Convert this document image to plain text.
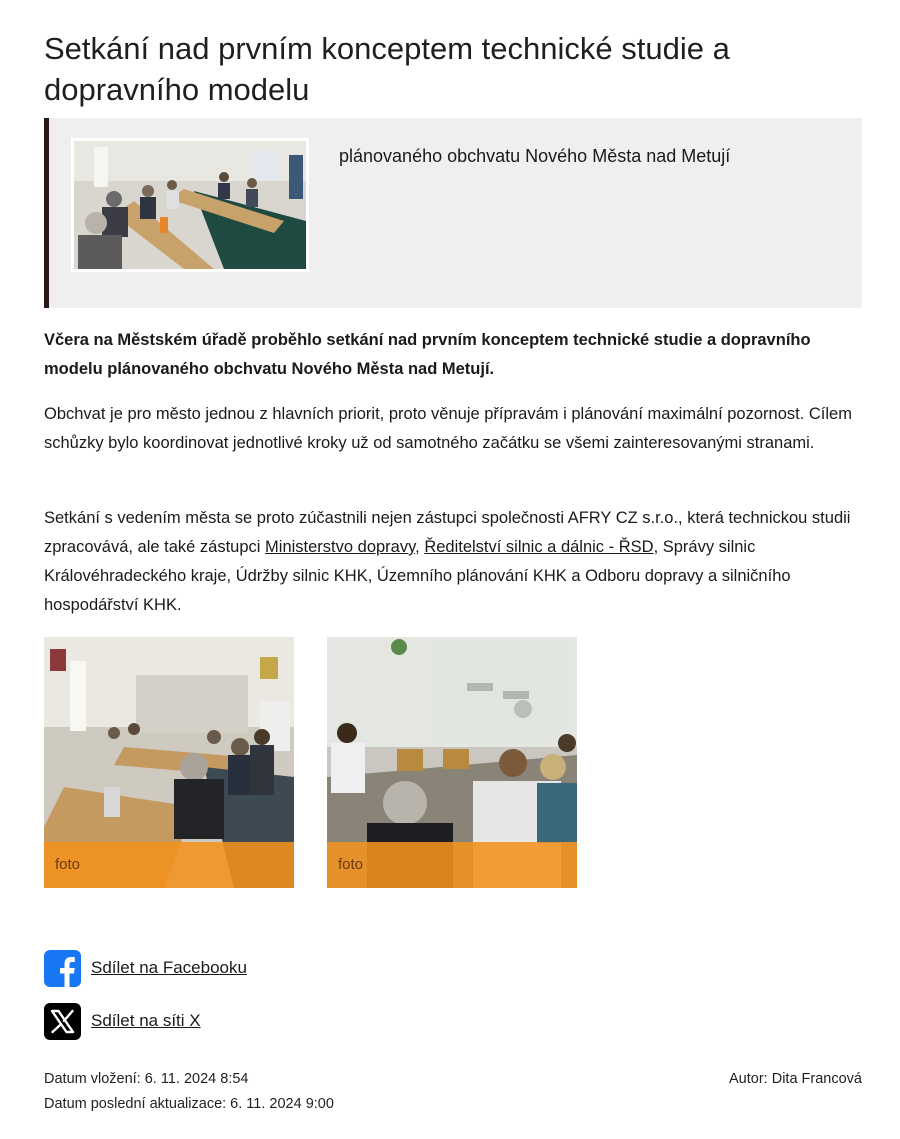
Setkání nad prvním konceptem technické studie a dopravního modelu
plánovaného obchvatu Nového Města nad Metují

Včera na Městském úřadě proběhlo setkání nad prvním konceptem technické studie a dopravního modelu plánovaného obchvatu Nového Města nad Metují.

Obchvat je pro město jednou z hlavních priorit, proto věnuje přípravám i plánování maximální pozornost. Cílem schůzky bylo koordinovat jednotlivé kroky už od samotného začátku se všemi zainteresovanými stranami.

Setkání s vedením města se proto zúčastnili nejen zástupci společnosti AFRY CZ s.r.o., která technickou studii zpracovává, ale také zástupci Ministerstvo dopravy, Ředitelství silnic a dálnic - ŘSD, Správy silnic Královéhradeckého kraje, Údržby silnic KHK, Územního plánování KHK a Odboru dopravy a silničního hospodářství KHK.

foto	foto
Sdílet na Facebooku
Sdílet na síti X
Datum vložení: 6. 11. 2024 8:54
Datum poslední aktualizace: 6. 11. 2024 9:00
Autor: Dita Francová
